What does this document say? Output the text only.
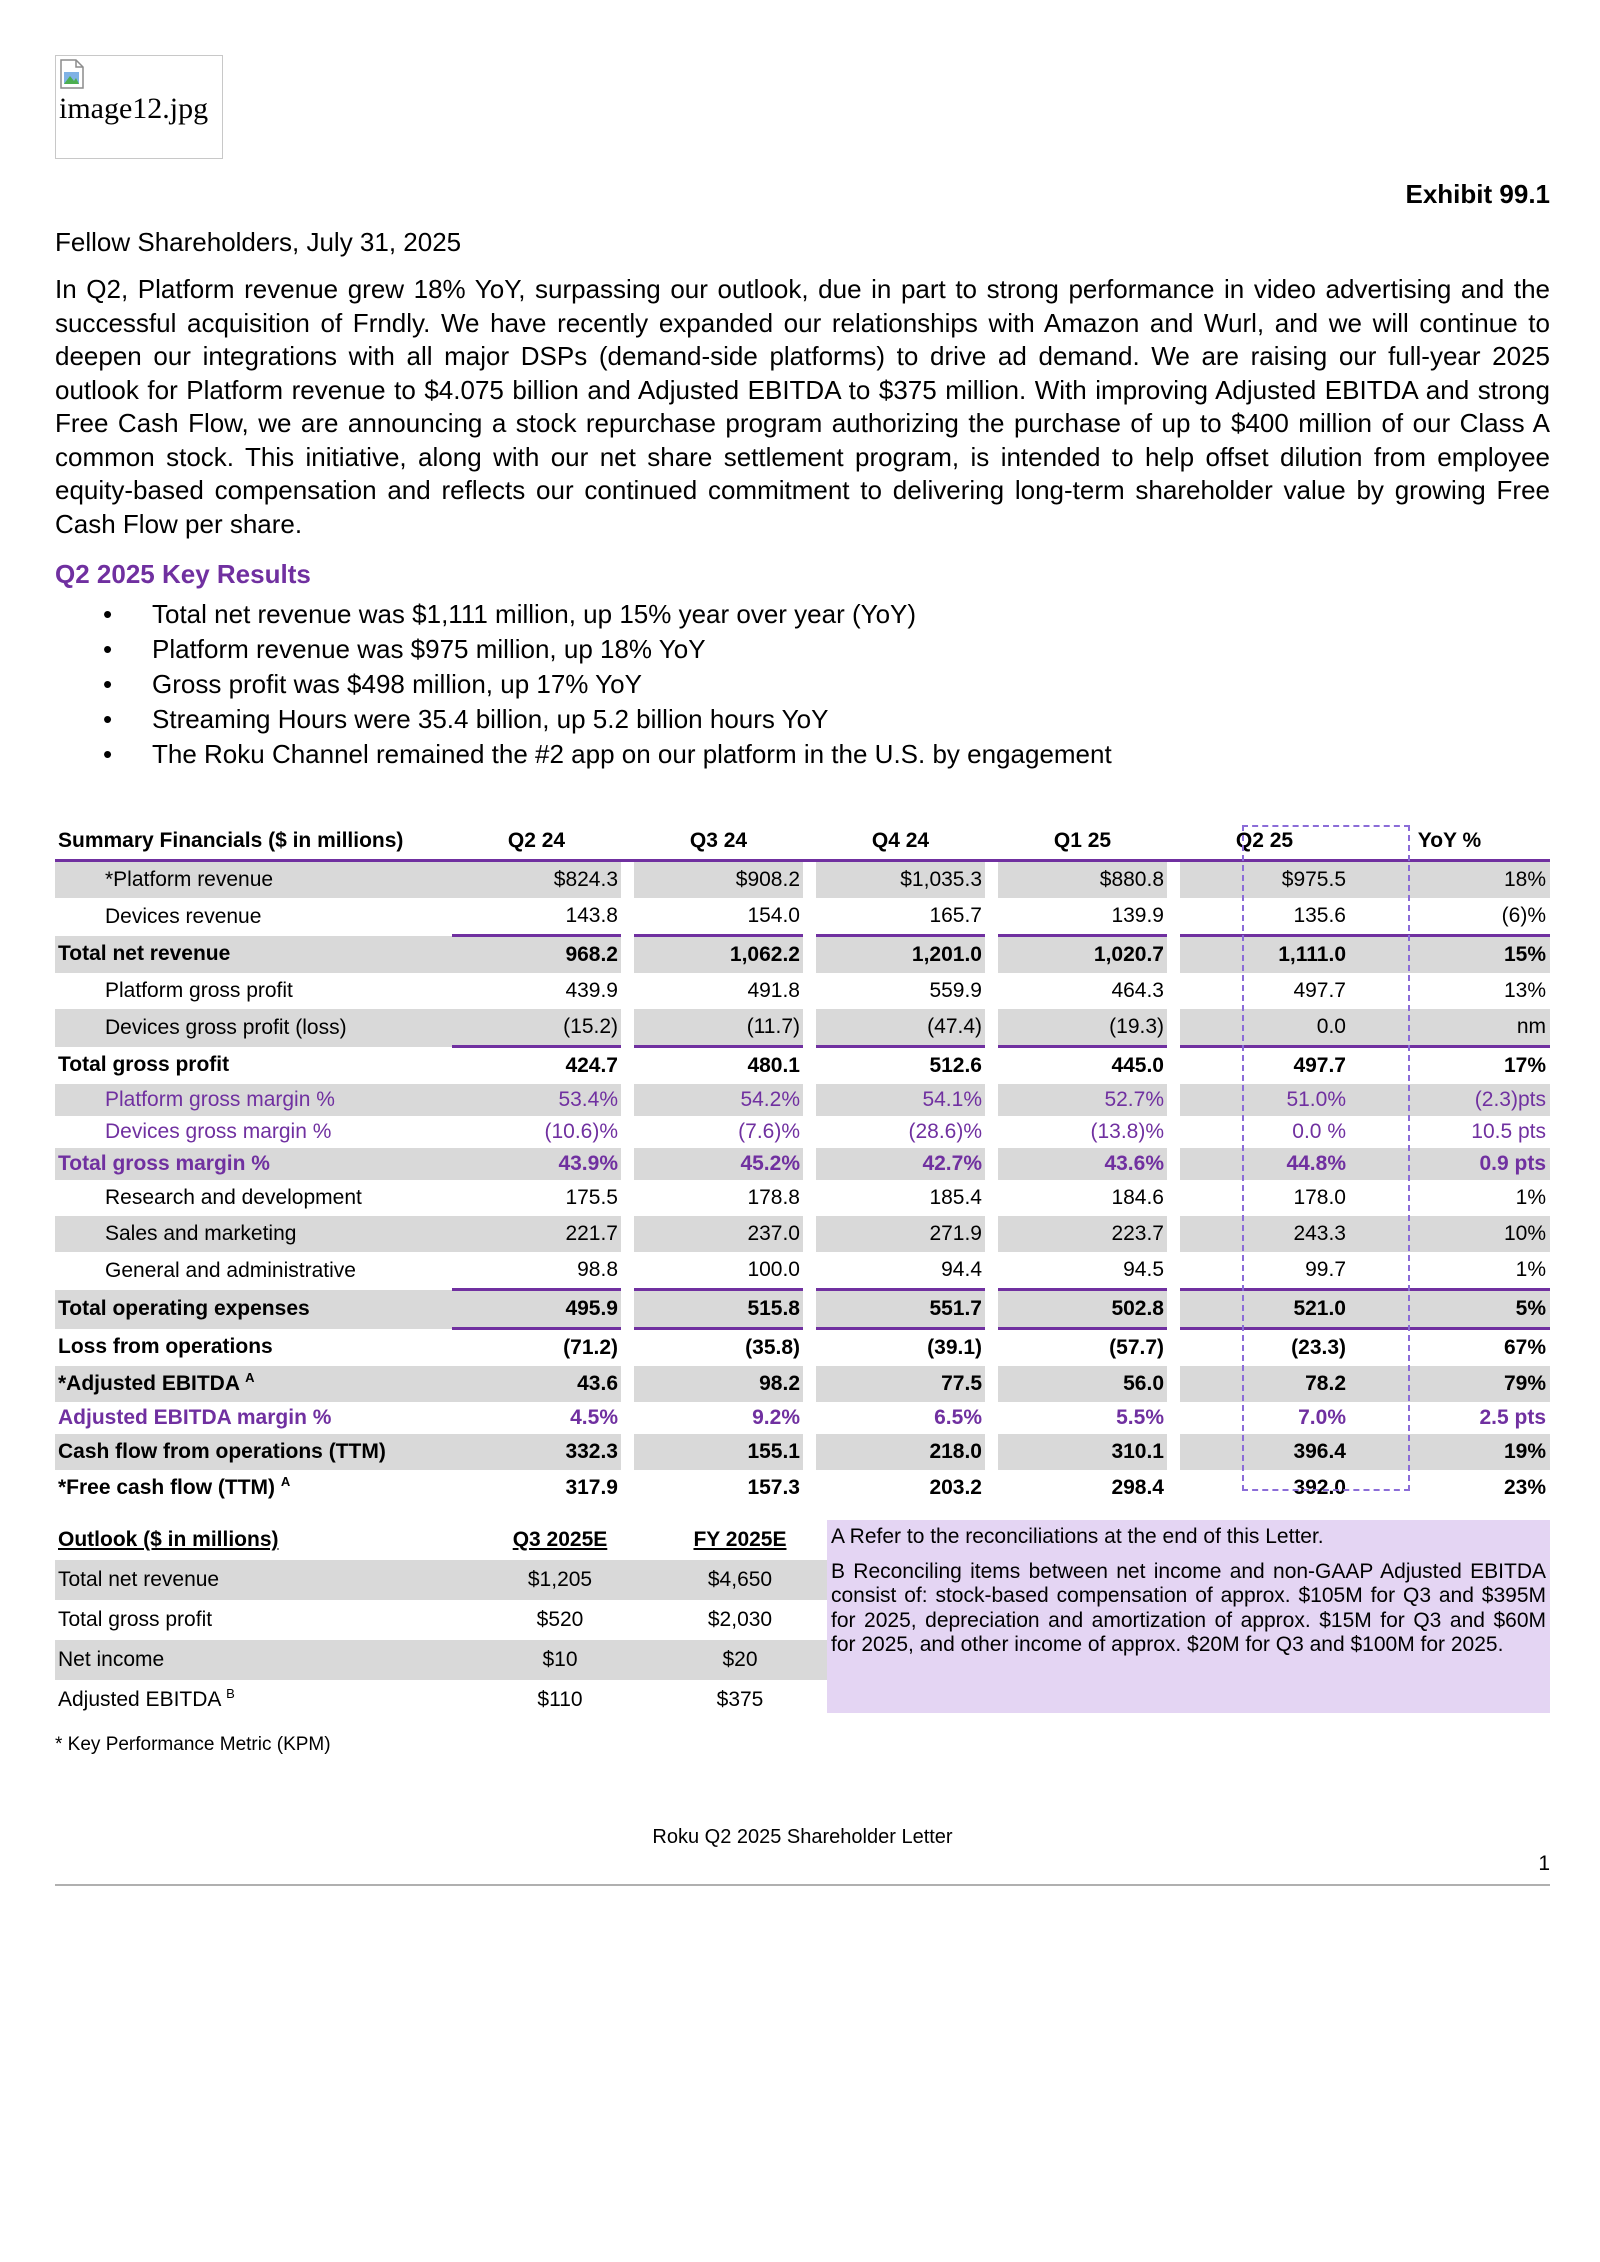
image12.jpg
Exhibit 99.1
Fellow Shareholders, July 31, 2025

In Q2, Platform revenue grew 18% YoY, surpassing our outlook, due in part to strong performance in video advertising and the successful acquisition of Frndly. We have recently expanded our relationships with Amazon and Wurl, and we will continue to deepen our integrations with all major DSPs (demand-side platforms) to drive ad demand. We are raising our full-year 2025 outlook for Platform revenue to $4.075 billion and Adjusted EBITDA to $375 million. With improving Adjusted EBITDA and strong Free Cash Flow, we are announcing a stock repurchase program authorizing the purchase of up to $400 million of our Class A common stock. This initiative, along with our net share settlement program, is intended to help offset dilution from employee equity-based compensation and reflects our continued commitment to delivering long-term shareholder value by growing Free Cash Flow per share.

Q2 2025 Key Results
• Total net revenue was $1,111 million, up 15% year over year (YoY)
• Platform revenue was $975 million, up 18% YoY
• Gross profit was $498 million, up 17% YoY
• Streaming Hours were 35.4 billion, up 5.2 billion hours YoY
• The Roku Channel remained the #2 app on our platform in the U.S. by engagement
Summary Financials ($ in millions)	Q2 24		Q3 24		Q4 24		Q1 25		Q2 25	YoY %
*Platform revenue	$824.3		$908.2		$1,035.3		$880.8		$975.5	18%
Devices revenue	143.8		154.0		165.7		139.9		135.6	(6)%
Total net revenue	968.2		1,062.2		1,201.0		1,020.7		1,111.0	15%
Platform gross profit	439.9		491.8		559.9		464.3		497.7	13%
Devices gross profit (loss)	(15.2)		(11.7)		(47.4)		(19.3)		0.0	nm
Total gross profit	424.7		480.1		512.6		445.0		497.7	17%
Platform gross margin %	53.4%		54.2%		54.1%		52.7%		51.0%	(2.3)pts
Devices gross margin %	(10.6)%		(7.6)%		(28.6)%		(13.8)%		0.0 %	10.5 pts
Total gross margin %	43.9%		45.2%		42.7%		43.6%		44.8%	0.9 pts
Research and development	175.5		178.8		185.4		184.6		178.0	1%
Sales and marketing	221.7		237.0		271.9		223.7		243.3	10%
General and administrative	98.8		100.0		94.4		94.5		99.7	1%
Total operating expenses	495.9		515.8		551.7		502.8		521.0	5%
Loss from operations	(71.2)		(35.8)		(39.1)		(57.7)		(23.3)	67%
*Adjusted EBITDA $^A$	43.6		98.2		77.5		56.0		78.2	79%
Adjusted EBITDA margin %	4.5%		9.2%		6.5%		5.5%		7.0%	2.5 pts
Cash flow from operations (TTM)	332.3		155.1		218.0		310.1		396.4	19%
*Free cash flow (TTM) $^A$	317.9		157.3		203.2		298.4		392.0	23%
Outlook ($ in millions)	Q3 2025E	FY 2025E
Total net revenue	$1,205	$4,650
Total gross profit	$520	$2,030
Net income	$10	$20
Adjusted EBITDA $^B$	$110	$375

A Refer to the reconciliations at the end of this Letter.

B Reconciling items between net income and non-GAAP Adjusted EBITDA consist of: stock-based compensation of approx. $105M for Q3 and $395M for 2025, depreciation and amortization of approx. $15M for Q3 and $60M for 2025, and other income of approx. $20M for Q3 and $100M for 2025.

* Key Performance Metric (KPM)
Roku Q2 2025 Shareholder Letter
1
